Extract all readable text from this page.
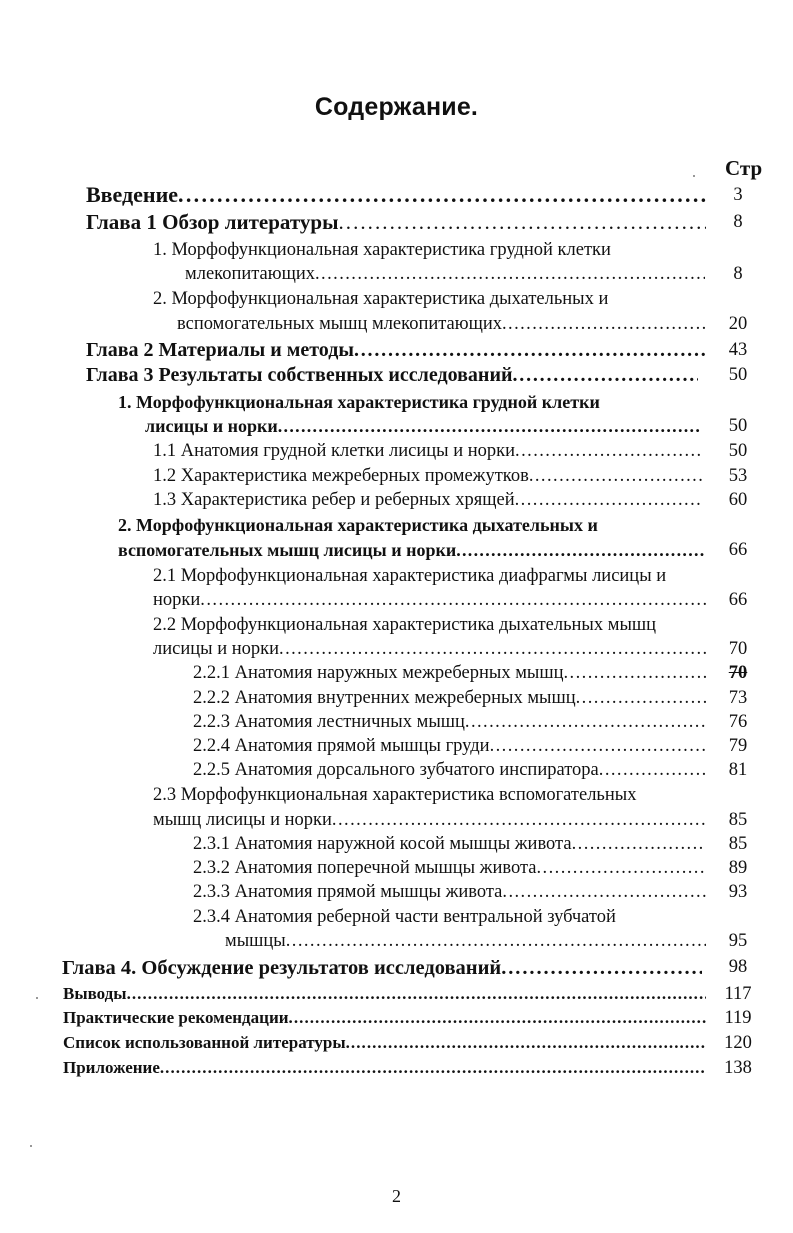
Содержание.
Стр
Введение . . .	3
Глава 1 Обзор литературы . . .	8
1. Морфофункциональная характеристика грудной клетки
млекопитающих . . .	8
2. Морфофункциональная характеристика дыхательных и
вспомогательных мышц млекопитающих . . .	20
Глава 2 Материалы и методы . . .	43
Глава 3 Результаты собственных исследований . . .	50
1. Морфофункциональная характеристика грудной клетки
лисицы и норки . . .	50
1.1 Анатомия грудной клетки лисицы и норки . . .	50
1.2 Характеристика межреберных промежутков . . .	53
1.3 Характеристика ребер и реберных хрящей . . .	60
2. Морфофункциональная характеристика дыхательных и
вспомогательных мышц лисицы и норки . . .	66
2.1 Морфофункциональная характеристика диафрагмы лисицы и
норки . . .	66
2.2 Морфофункциональная характеристика дыхательных мышц
лисицы и норки . . .	70
2.2.1 Анатомия наружных межреберных мышц . . .	70
2.2.2 Анатомия внутренних межреберных мышц . . .	73
2.2.3 Анатомия лестничных мышц . . .	76
2.2.4 Анатомия прямой мышцы груди . . .	79
2.2.5 Анатомия дорсального зубчатого инспиратора . . .	81
2.3 Морфофункциональная характеристика вспомогательных
мышц лисицы и норки . . .	85
2.3.1 Анатомия наружной косой мышцы живота . . .	85
2.3.2 Анатомия поперечной мышцы живота . . .	89
2.3.3 Анатомия прямой мышцы живота . . .	93
2.3.4 Анатомия реберной части вентральной зубчатой
мышцы . . .	95
Глава 4. Обсуждение результатов исследований . . .	98
Выводы . . .	117
Практические рекомендации . . .	119
Список использованной литературы . . .	120
Приложение . . .	138
2
